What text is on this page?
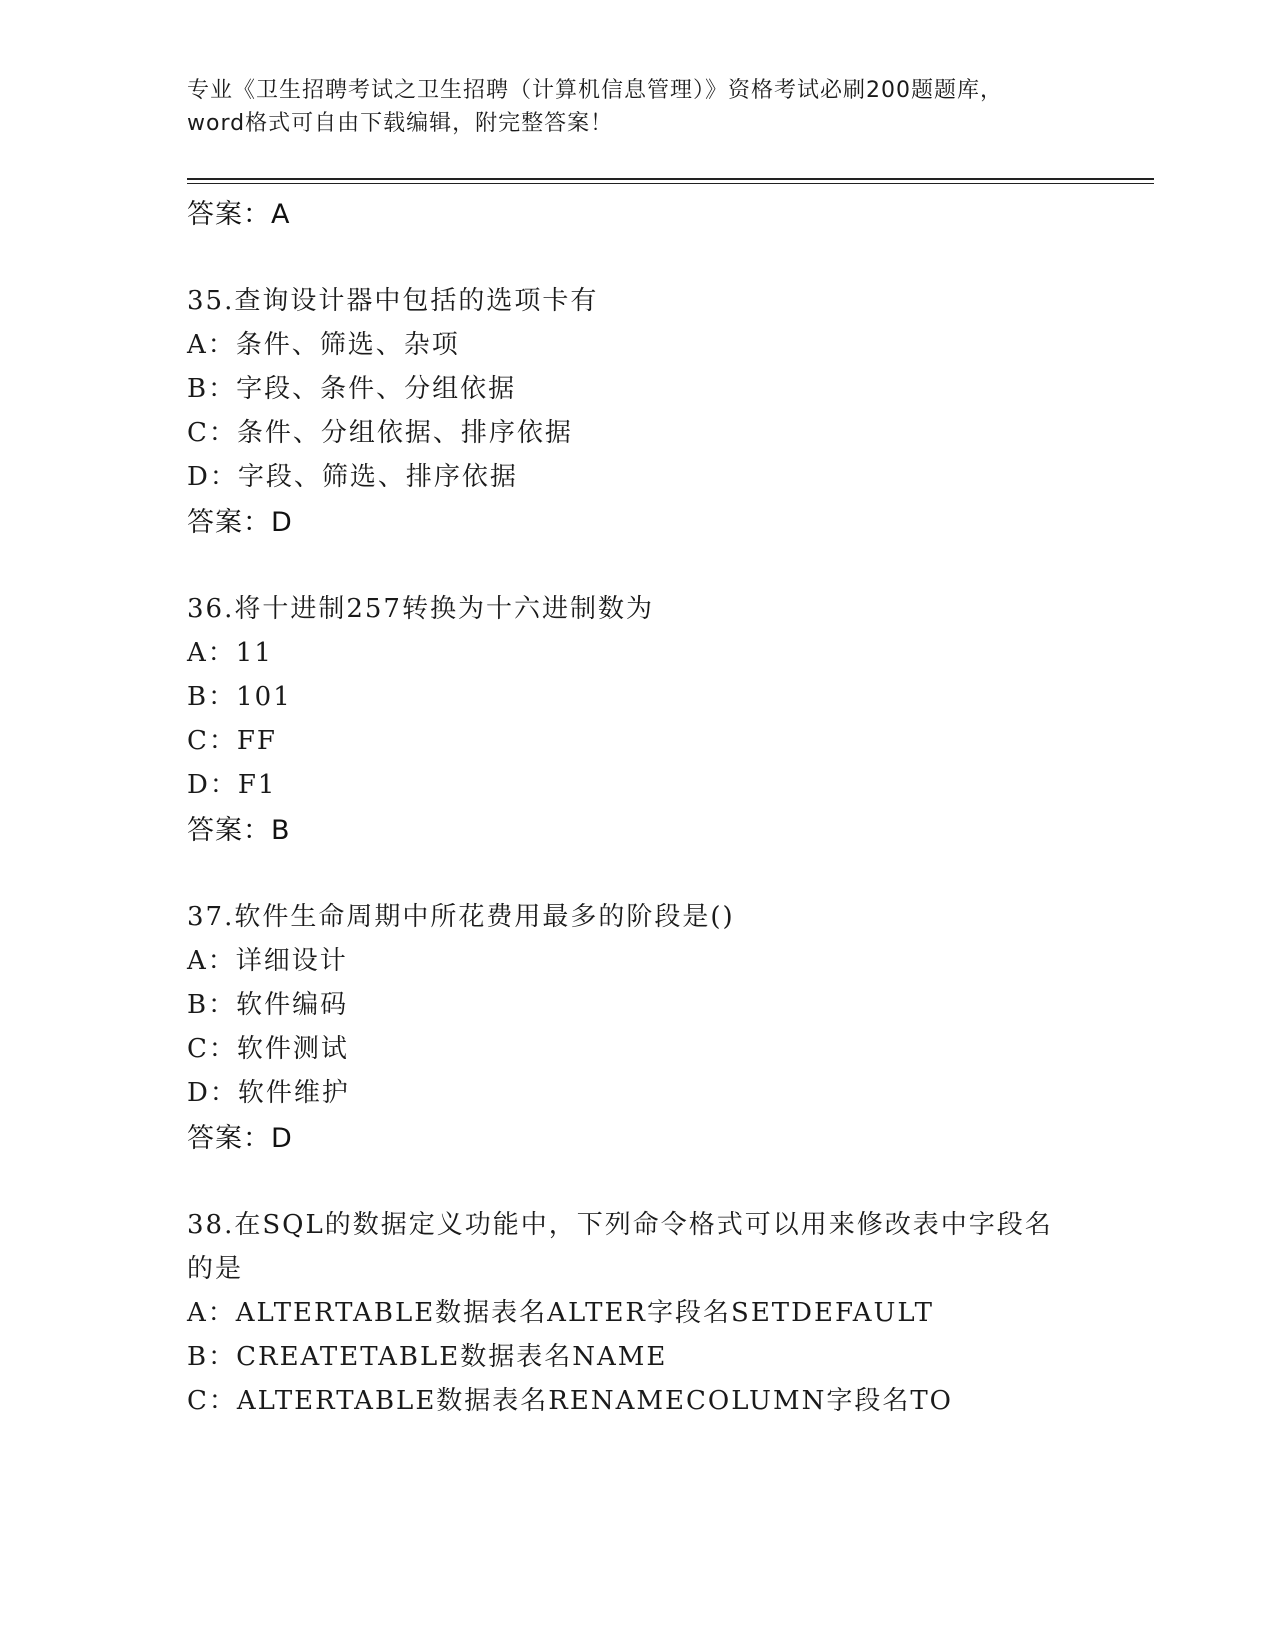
专业《卫生招聘考试之卫生招聘（计算机信息管理）》资格考试必刷200题题库，
word格式可自由下载编辑，附完整答案！
答案：A
35.查询设计器中包括的选项卡有
A：条件、筛选、杂项
B：字段、条件、分组依据
C：条件、分组依据、排序依据
D：字段、筛选、排序依据
答案：D
36.将十进制257转换为十六进制数为
A：11
B：101
C：FF
D：F1
答案：B
37.软件生命周期中所花费用最多的阶段是()
A：详细设计
B：软件编码
C：软件测试
D：软件维护
答案：D
38.在SQL的数据定义功能中，下列命令格式可以用来修改表中字段名
的是
A：ALTERTABLE数据表名ALTER字段名SETDEFAULT
B：CREATETABLE数据表名NAME
C：ALTERTABLE数据表名RENAMECOLUMN字段名TO
